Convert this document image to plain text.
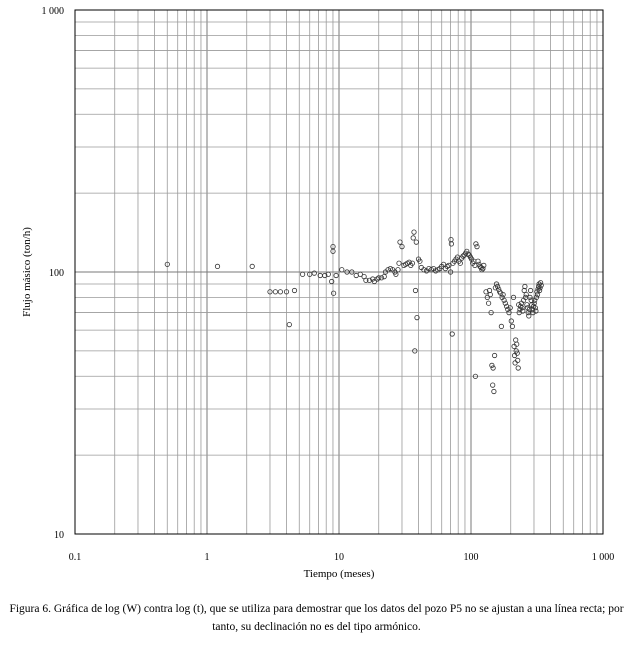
0.1	1	10	100	1 000
10
100
1 000
Tiempo (meses)
Flujo másico (ton/h)
Figura 6. Gráfica de log (W) contra log (t), que se utiliza para demostrar que los datos del pozo P5 no se ajustan a una línea recta; por tanto, su declinación no es del tipo armónico.
